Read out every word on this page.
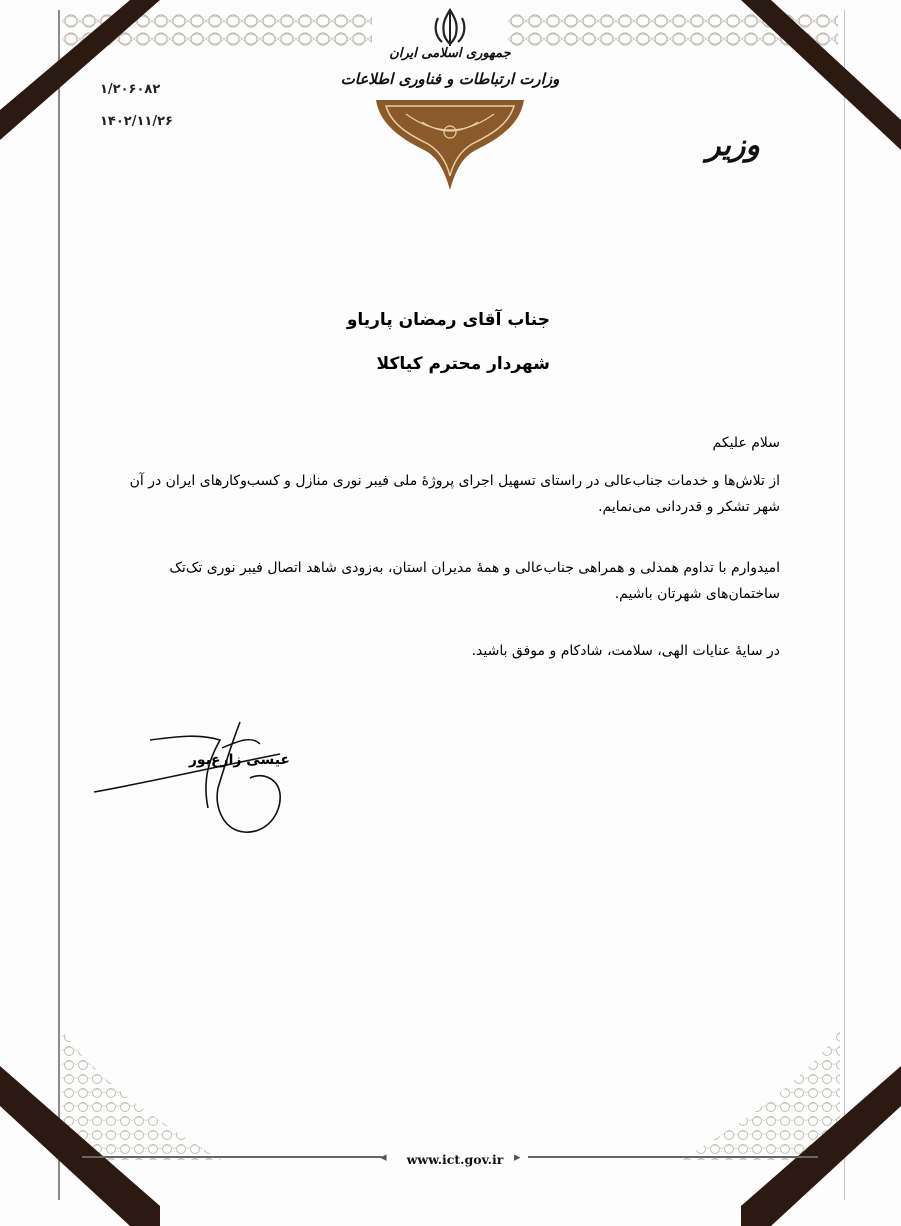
جمهوری اسلامی ایران
وزارت ارتباطات و فناوری اطلاعات
۱/۲۰۶۰۸۲
۱۴۰۲/۱۱/۲۶
وزیر
جناب آقای رمضان پاریاو
شهردار محترم کیاکلا
سلام علیکم
از تلاش‌ها و خدمات جناب‌عالی در راستای تسهیل اجرای پروژهٔ ملی فیبر نوری منازل و کسب‌وکارهای ایران در آن شهر تشکر و قدردانی می‌نمایم.
امیدوارم با تداوم همدلی و همراهی جناب‌عالی و همهٔ مدیران استان، به‌زودی شاهد اتصال فیبر نوری تک‌تک ساختمان‌های شهرتان باشیم.
در سایهٔ عنایات الهی، سلامت، شادکام و موفق باشید.
عیسی زارع‌پور
◂	www.ict.gov.ir ▸
